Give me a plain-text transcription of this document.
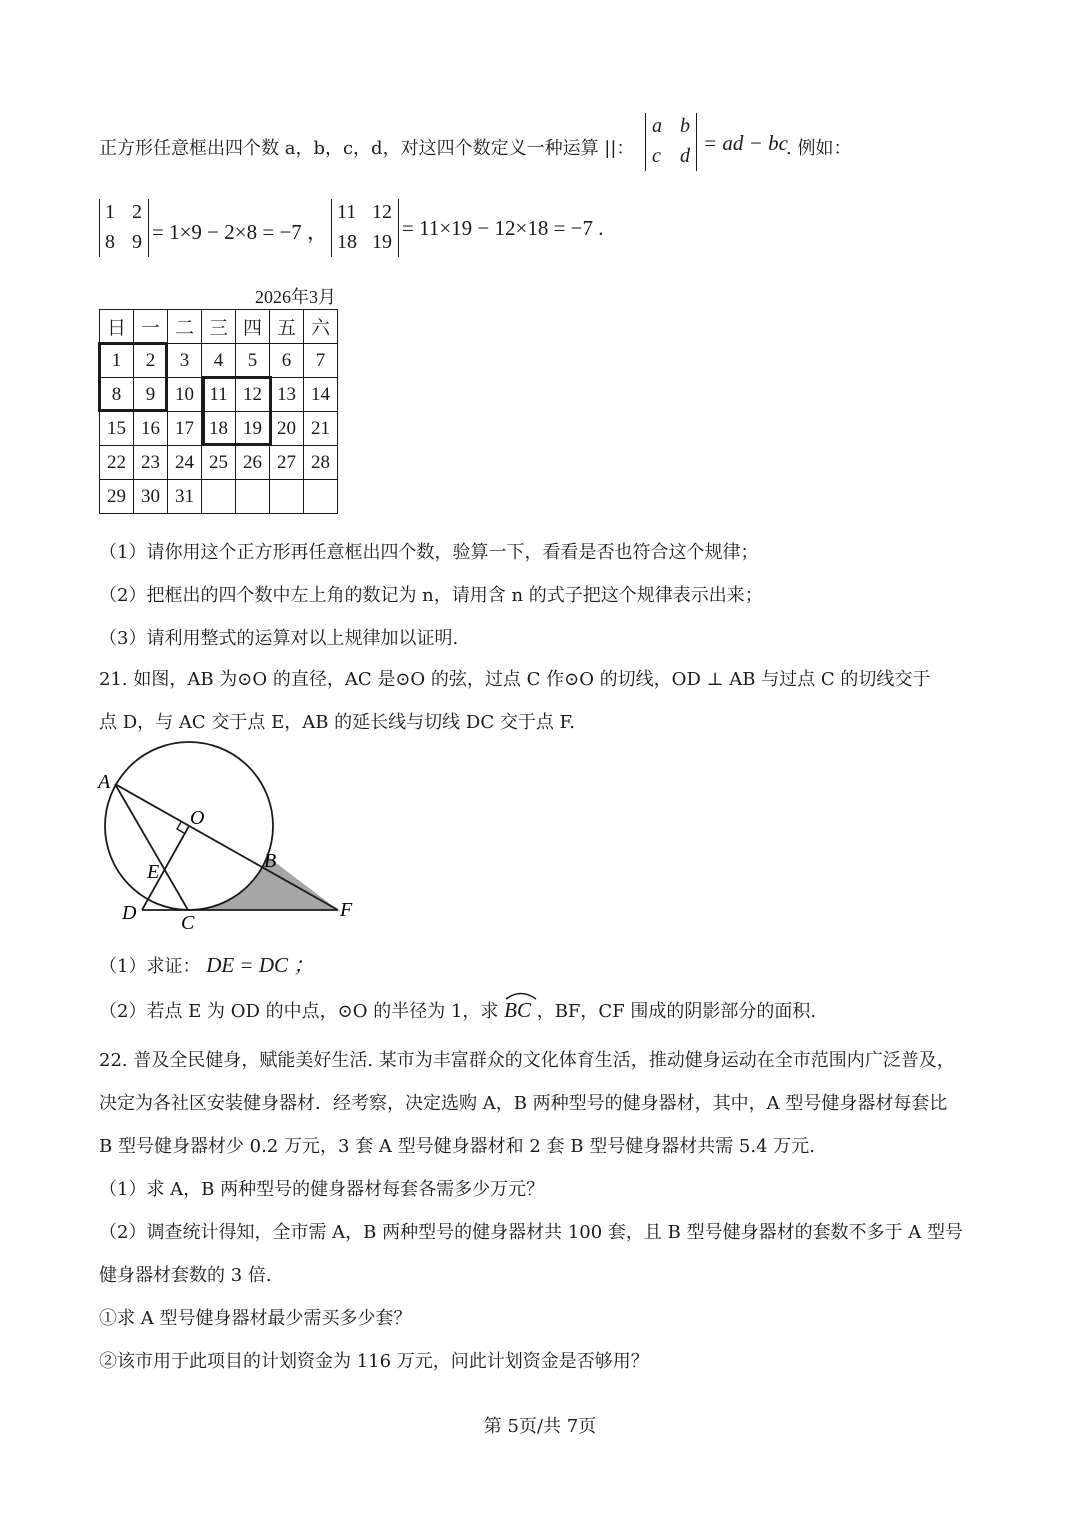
正方形任意框出四个数 a，b，c，d，对这四个数定义一种运算 ||：
a b
c d
= ad − bc
. 例如：
1 2
8 9 = 1×9 − 2×8 = −7 ，
11 12
18 19
= 11×19 − 12×18 = −7 .
2026年3月
日	一	二	三	四	五	六
1	2	3	4	5	6	7
8	9	10	11	12	13	14
15	16	17	18	19	20	21
22	23	24	25	26	27	28
29	30	31				
（1）请你用这个正方形再任意框出四个数，验算一下，看看是否也符合这个规律；
（2）把框出的四个数中左上角的数记为 n，请用含 n 的式子把这个规律表示出来；
（3）请利用整式的运算对以上规律加以证明.
21. 如图，AB 为⊙O 的直径，AC 是⊙O 的弦，过点 C 作⊙O 的切线，OD ⊥ AB 与过点 C 的切线交于
点 D，与 AC 交于点 E，AB 的延长线与切线 DC 交于点 F.
A
O
B
E
D C
F
（1）求证： DE = DC ；
（2）若点 E 为 OD 的中点，⊙O 的半径为 1，求
BC ，BF，CF 围成的阴影部分的面积.
22. 普及全民健身，赋能美好生活. 某市为丰富群众的文化体育生活，推动健身运动在全市范围内广泛普及，
决定为各社区安装健身器材．经考察，决定选购 A，B 两种型号的健身器材，其中，A 型号健身器材每套比
B 型号健身器材少 0.2 万元，3 套 A 型号健身器材和 2 套 B 型号健身器材共需 5.4 万元.
（1）求 A，B 两种型号的健身器材每套各需多少万元？
（2）调查统计得知，全市需 A，B 两种型号的健身器材共 100 套，且 B 型号健身器材的套数不多于 A 型号
健身器材套数的 3 倍.
①求 A 型号健身器材最少需买多少套？
②该市用于此项目的计划资金为 116 万元，问此计划资金是否够用？
第 5页/共 7页
